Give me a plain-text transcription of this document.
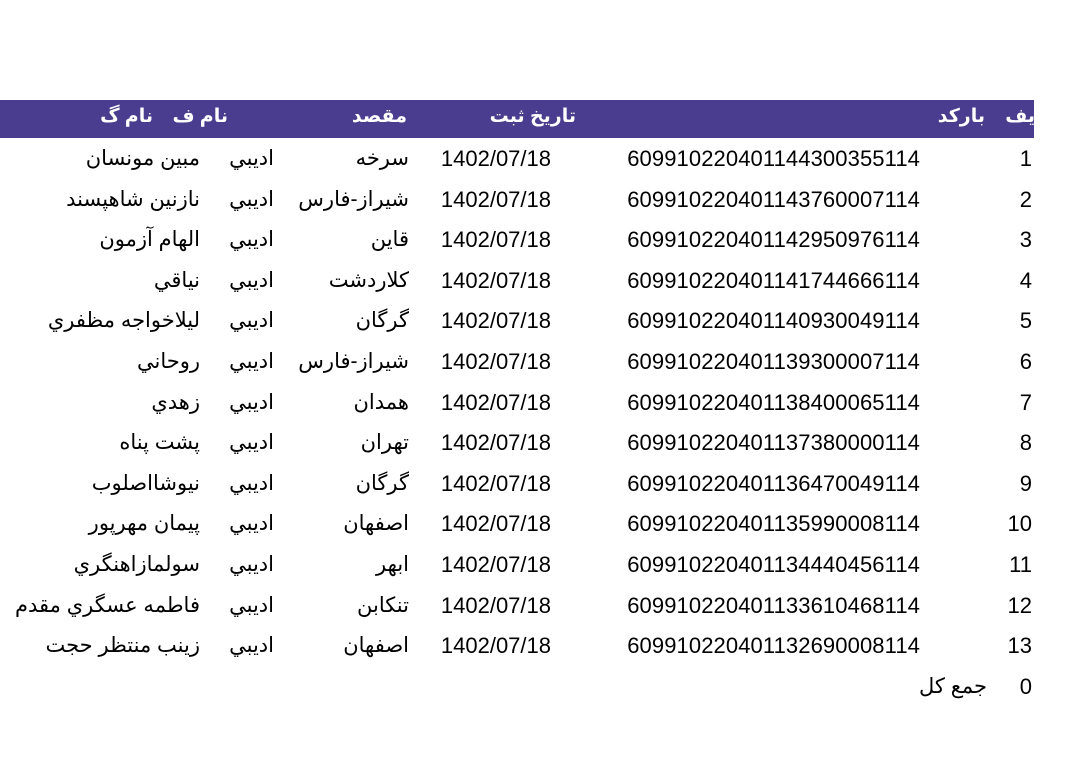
یف
بارکد
تاریخ ثبت
مقصد
نام ف
نام گ
1
609910220401144300355114
1402/07/18
سرخه
اديبي
مبين مونسان
2
609910220401143760007114
1402/07/18
شيراز-فارس
اديبي
نازنين شاهپسند
3
609910220401142950976114
1402/07/18
قاين
اديبي
الهام آزمون
4
609910220401141744666114
1402/07/18
كلاردشت
اديبي
نياقي
5
609910220401140930049114
1402/07/18
گرگان
اديبي
ليلاخواجه مظفري
6
609910220401139300007114
1402/07/18
شيراز-فارس
اديبي
روحاني
7
609910220401138400065114
1402/07/18
همدان
اديبي
زهدي
8
609910220401137380000114
1402/07/18
تهران
اديبي
پشت پناه
9
609910220401136470049114
1402/07/18
گرگان
اديبي
نيوشااصلوب
10
609910220401135990008114
1402/07/18
اصفهان
اديبي
پيمان مهرپور
11
609910220401134440456114
1402/07/18
ابهر
اديبي
سولمازاهنگري
12
609910220401133610468114
1402/07/18
تنكابن
اديبي
فاطمه عسگري مقدم
13
609910220401132690008114
1402/07/18
اصفهان
اديبي
زينب منتظر حجت
0
جمع كل
